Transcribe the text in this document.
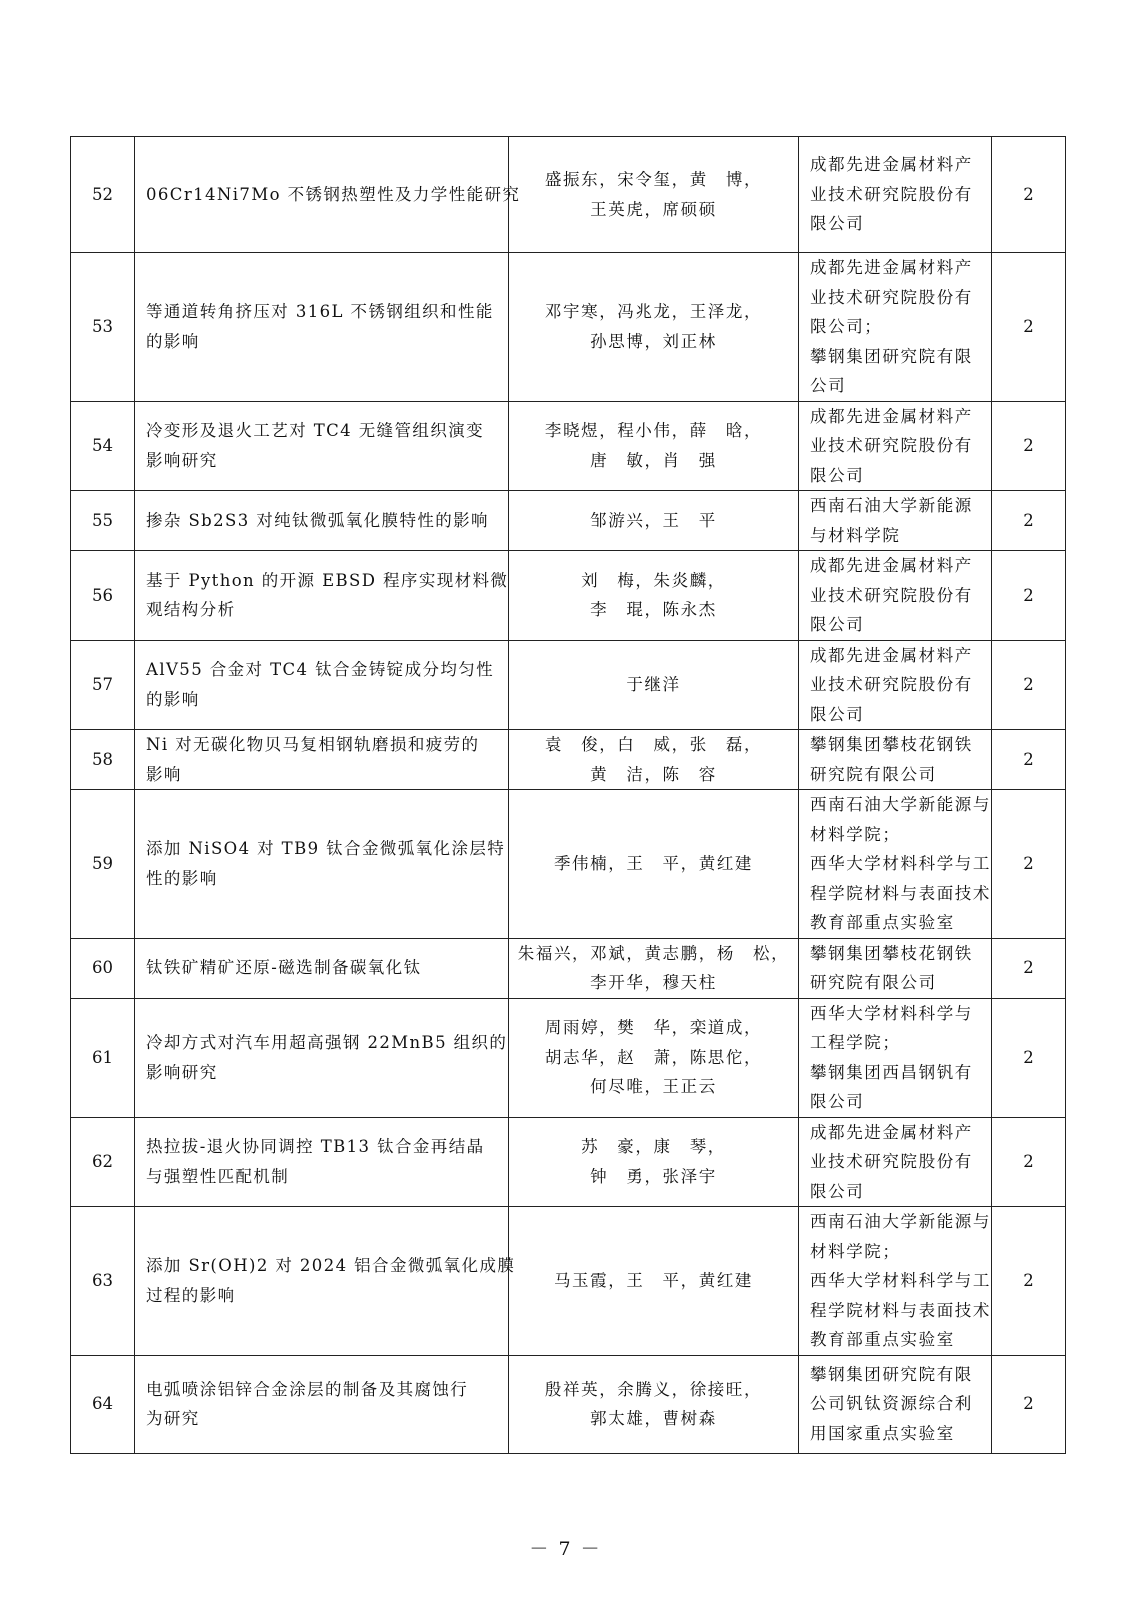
52	06Cr14Ni7Mo 不锈钢热塑性及力学性能研究	盛振东，宋令玺，黄　博，
王英虎，席硕硕	成都先进金属材料产
业技术研究院股份有
限公司	2
53	等通道转角挤压对 316L 不锈钢组织和性能
的影响	邓宇寒，冯兆龙，王泽龙，
孙思博，刘正林	成都先进金属材料产
业技术研究院股份有
限公司；
攀钢集团研究院有限
公司	2
54	冷变形及退火工艺对 TC4 无缝管组织演变
影响研究	李晓煜，程小伟，薛　晗，
唐　敏，肖　强	成都先进金属材料产
业技术研究院股份有
限公司	2
55	掺杂 Sb2S3 对纯钛微弧氧化膜特性的影响	邹游兴，王　平	西南石油大学新能源
与材料学院	2
56	基于 Python 的开源 EBSD 程序实现材料微
观结构分析	刘　梅，朱炎麟，
李　琨，陈永杰	成都先进金属材料产
业技术研究院股份有
限公司	2
57	AlV55 合金对 TC4 钛合金铸锭成分均匀性
的影响	于继洋	成都先进金属材料产
业技术研究院股份有
限公司	2
58	Ni 对无碳化物贝马复相钢轨磨损和疲劳的
影响	袁　俊，白　威，张　磊，
黄　洁，陈　容	攀钢集团攀枝花钢铁
研究院有限公司	2
59	添加 NiSO4 对 TB9 钛合金微弧氧化涂层特
性的影响	季伟楠，王　平，黄红建	西南石油大学新能源与
材料学院；
西华大学材料科学与工
程学院材料与表面技术
教育部重点实验室	2
60	钛铁矿精矿还原-磁选制备碳氧化钛	朱福兴，邓斌，黄志鹏，杨　松，
李开华，穆天柱	攀钢集团攀枝花钢铁
研究院有限公司	2
61	冷却方式对汽车用超高强钢 22MnB5 组织的
影响研究	周雨婷，樊　华，栾道成，
胡志华，赵　萧，陈思佗，
何尽唯，王正云	西华大学材料科学与
工程学院；
攀钢集团西昌钢钒有
限公司	2
62	热拉拔-退火协同调控 TB13 钛合金再结晶
与强塑性匹配机制	苏　豪，康　琴，
钟　勇，张泽宇	成都先进金属材料产
业技术研究院股份有
限公司	2
63	添加 Sr(OH)2 对 2024 铝合金微弧氧化成膜
过程的影响	马玉霞，王　平，黄红建	西南石油大学新能源与
材料学院；
西华大学材料科学与工
程学院材料与表面技术
教育部重点实验室	2
64	电弧喷涂铝锌合金涂层的制备及其腐蚀行
为研究	殷祥英，余腾义，徐接旺，
郭太雄，曹树森	攀钢集团研究院有限
公司钒钛资源综合利
用国家重点实验室	2
－ 7 －
